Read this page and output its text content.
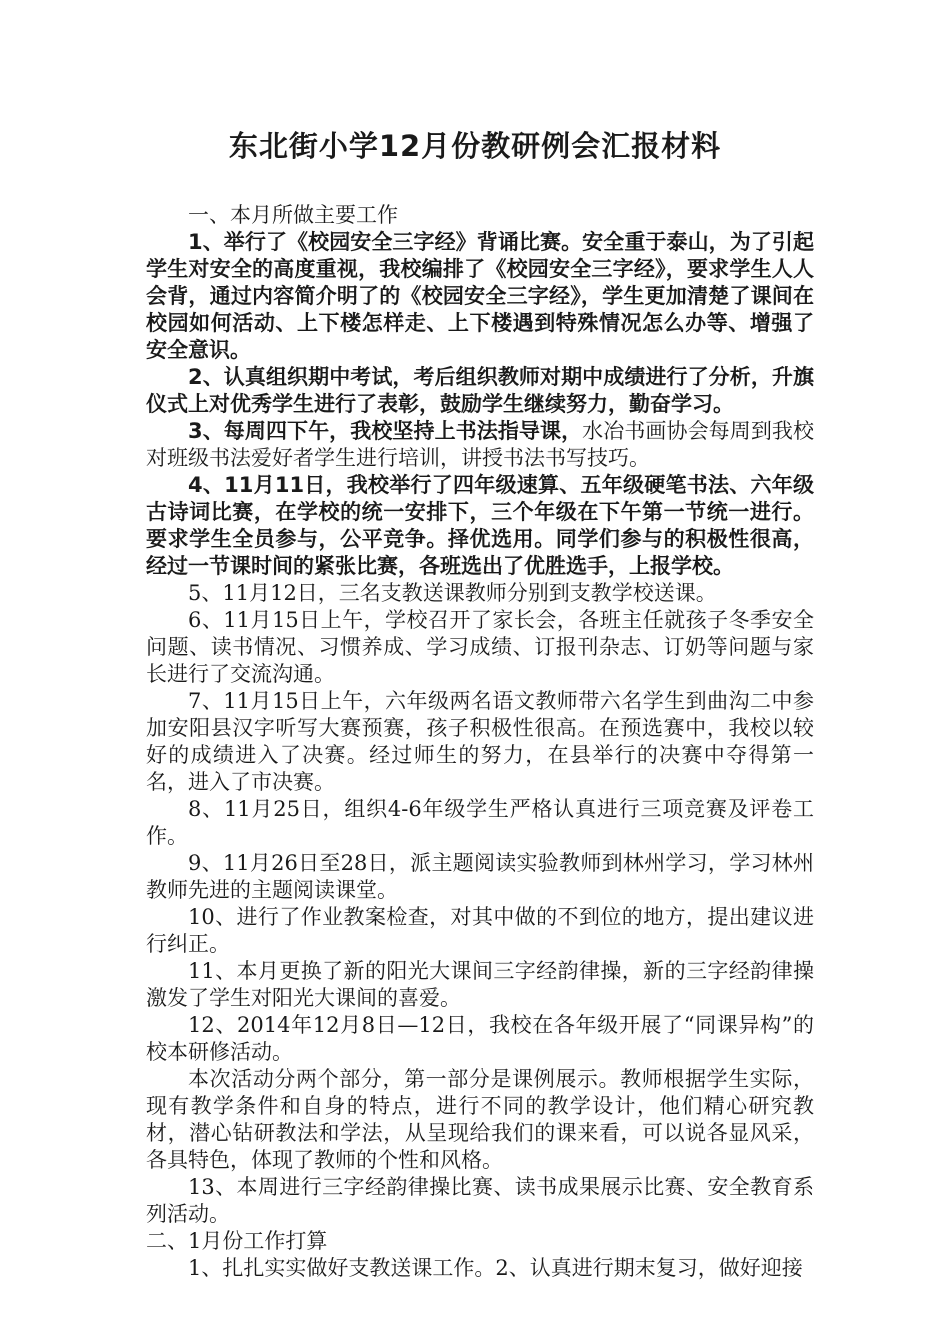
东北街小学12月份教研例会汇报材料

一、本月所做主要工作

1、举行了《校园安全三字经》背诵比赛。安全重于泰山，为了引起学生对安全的高度重视，我校编排了《校园安全三字经》，要求学生人人会背，通过内容简介明了的《校园安全三字经》，学生更加清楚了课间在校园如何活动、上下楼怎样走、上下楼遇到特殊情况怎么办等、增强了安全意识。

2、认真组织期中考试，考后组织教师对期中成绩进行了分析，升旗仪式上对优秀学生进行了表彰，鼓励学生继续努力，勤奋学习。

3、每周四下午，我校坚持上书法指导课，水冶书画协会每周到我校对班级书法爱好者学生进行培训，讲授书法书写技巧。

4、11月11日，我校举行了四年级速算、五年级硬笔书法、六年级古诗词比赛，在学校的统一安排下，三个年级在下午第一节统一进行。要求学生全员参与，公平竞争。择优选用。同学们参与的积极性很高，经过一节课时间的紧张比赛，各班选出了优胜选手，上报学校。

5、11月12日，三名支教送课教师分别到支教学校送课。

6、11月15日上午，学校召开了家长会，各班主任就孩子冬季安全问题、读书情况、习惯养成、学习成绩、订报刊杂志、订奶等问题与家长进行了交流沟通。

7、11月15日上午，六年级两名语文教师带六名学生到曲沟二中参加安阳县汉字听写大赛预赛，孩子积极性很高。在预选赛中，我校以较好的成绩进入了决赛。经过师生的努力，在县举行的决赛中夺得第一名，进入了市决赛。

8、11月25日，组织4-6年级学生严格认真进行三项竞赛及评卷工作。

9、11月26日至28日，派主题阅读实验教师到林州学习，学习林州教师先进的主题阅读课堂。

10、进行了作业教案检查，对其中做的不到位的地方，提出建议进行纠正。

11、本月更换了新的阳光大课间三字经韵律操，新的三字经韵律操激发了学生对阳光大课间的喜爱。

12、2014年12月8日—12日，我校在各年级开展了“同课异构”的校本研修活动。

本次活动分两个部分，第一部分是课例展示。教师根据学生实际，现有教学条件和自身的特点，进行不同的教学设计，他们精心研究教材，潜心钻研教法和学法，从呈现给我们的课来看，可以说各显风采，各具特色，体现了教师的个性和风格。

13、本周进行三字经韵律操比赛、读书成果展示比赛、安全教育系列活动。

二、1月份工作打算

1、扎扎实实做好支教送课工作。2、认真进行期末复习，做好迎接
